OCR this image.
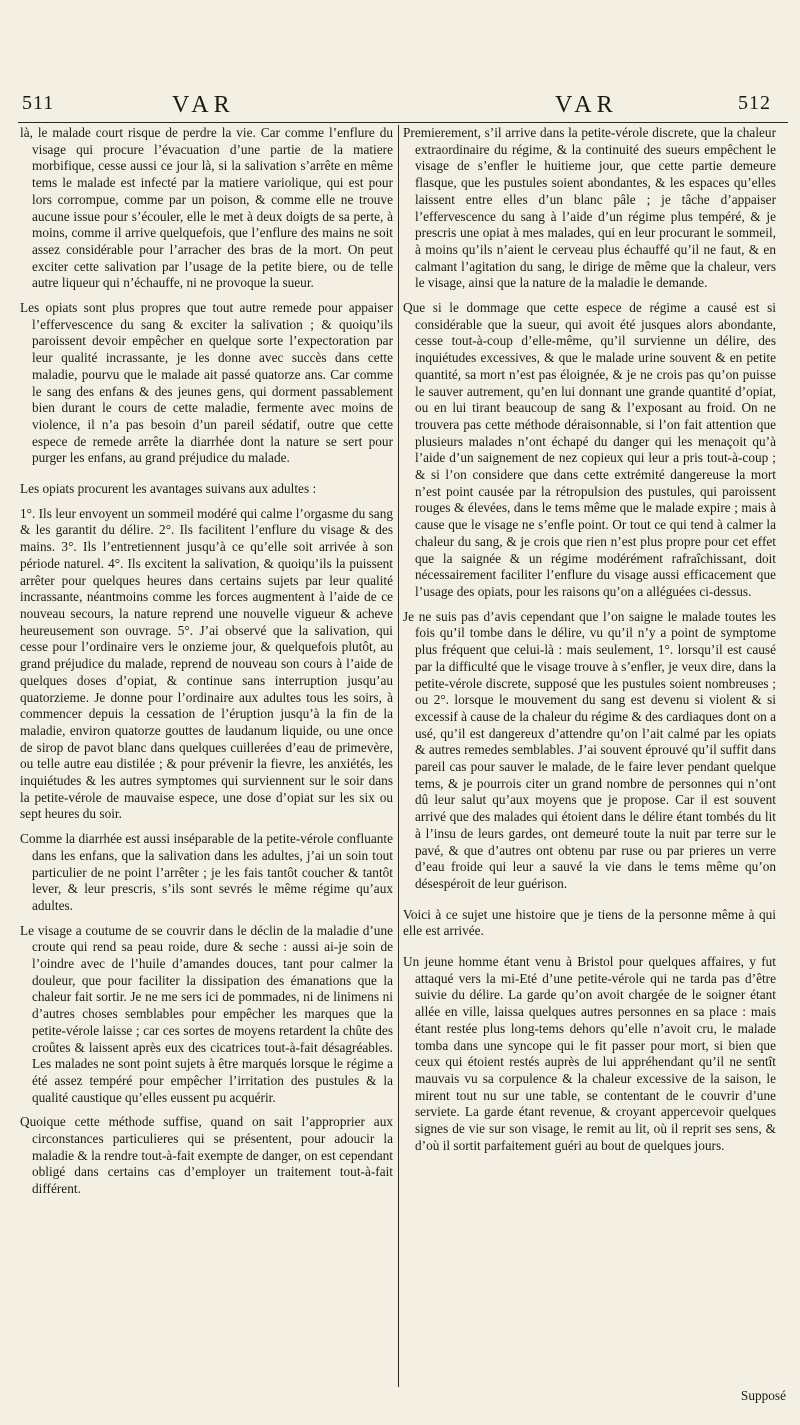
511	VAR	VAR	512

là, le malade court risque de perdre la vie. Car comme l’enflure du visage qui procure l’évacuation d’une partie de la matiere morbifique, cesse aussi ce jour là, si la salivation s’arrête en même tems le malade est infecté par la matiere variolique, qui est pour lors corrompue, comme par un poison, & comme elle ne trouve aucune issue pour s’écouler, elle le met à deux doigts de sa perte, à moins, comme il arrive quelquefois, que l’enflure des mains ne soit assez considérable pour l’arracher des bras de la mort. On peut exciter cette salivation par l’usage de la petite biere, ou de telle autre liqueur qui n’échauffe, ni ne provoque la sueur.

Les opiats sont plus propres que tout autre remede pour appaiser l’effervescence du sang & exciter la salivation ; & quoiqu’ils paroissent devoir empêcher en quelque sorte l’expectoration par leur qualité incrassante, je les donne avec succès dans cette maladie, pourvu que le malade ait passé quatorze ans. Car comme le sang des enfans & des jeunes gens, qui dorment passablement bien durant le cours de cette maladie, fermente avec moins de violence, il n’a pas besoin d’un pareil sédatif, outre que cette espece de remede arrête la diarrhée dont la nature se sert pour purger les enfans, au grand préjudice du malade.

Les opiats procurent les avantages suivans aux adultes :

1°. Ils leur envoyent un sommeil modéré qui calme l’orgasme du sang & les garantit du délire. 2°. Ils facilitent l’enflure du visage & des mains. 3°. Ils l’entretiennent jusqu’à ce qu’elle soit arrivée à son période naturel. 4°. Ils excitent la salivation, & quoiqu’ils la puissent arrêter pour quelques heures dans certains sujets par leur qualité incrassante, néantmoins comme les forces augmentent à l’aide de ce nouveau secours, la nature reprend une nouvelle vigueur & acheve heureusement son ouvrage. 5°. J’ai observé que la salivation, qui cesse pour l’ordinaire vers le onzieme jour, & quelquefois plutôt, au grand préjudice du malade, reprend de nouveau son cours à l’aide de quelques doses d’opiat, & continue sans interruption jusqu’au quatorzieme. Je donne pour l’ordinaire aux adultes tous les soirs, à commencer depuis la cessation de l’éruption jusqu’à la fin de la maladie, environ quatorze gouttes de laudanum liquide, ou une once de sirop de pavot blanc dans quelques cuillerées d’eau de primevère, ou telle autre eau distilée ; & pour prévenir la fievre, les anxiétés, les inquiétudes & les autres symptomes qui surviennent sur le soir dans la petite-vérole de mauvaise espece, une dose d’opiat sur les six ou sept heures du soir.

Comme la diarrhée est aussi inséparable de la petite-vérole confluante dans les enfans, que la salivation dans les adultes, j’ai un soin tout particulier de ne point l’arrêter ; je les fais tantôt coucher & tantôt lever, & leur prescris, s’ils sont sevrés le même régime qu’aux adultes.

Le visage a coutume de se couvrir dans le déclin de la maladie d’une croute qui rend sa peau roide, dure & seche : aussi ai-je soin de l’oindre avec de l’huile d’amandes douces, tant pour calmer la douleur, que pour faciliter la dissipation des émanations que la chaleur fait sortir. Je ne me sers ici de pommades, ni de linimens ni d’autres choses semblables pour empêcher les marques que la petite-vérole laisse ; car ces sortes de moyens retardent la chûte des croûtes & laissent après eux des cicatrices tout-à-fait désagréables. Les malades ne sont point sujets à être marqués lorsque le régime a été assez tempéré pour empêcher l’irritation des pustules & la qualité caustique qu’elles eussent pu acquérir.

Quoique cette méthode suffise, quand on sait l’approprier aux circonstances particulieres qui se présentent, pour adoucir la maladie & la rendre tout-à-fait exempte de danger, on est cependant obligé dans certains cas d’employer un traitement tout-à-fait différent.

Premierement, s’il arrive dans la petite-vérole discrete, que la chaleur extraordinaire du régime, & la continuité des sueurs empêchent le visage de s’enfler le huitieme jour, que cette partie demeure flasque, que les pustules soient abondantes, & les espaces qu’elles laissent entre elles d’un blanc pâle ; je tâche d’appaiser l’effervescence du sang à l’aide d’un régime plus tempéré, & je prescris une opiat à mes malades, qui en leur procurant le sommeil, à moins qu’ils n’aient le cerveau plus échauffé qu’il ne faut, & en calmant l’agitation du sang, le dirige de même que la chaleur, vers le visage, ainsi que la nature de la maladie le demande.

Que si le dommage que cette espece de régime a causé est si considérable que la sueur, qui avoit été jusques alors abondante, cesse tout-à-coup d’elle-même, qu’il survienne un délire, des inquiétudes excessives, & que le malade urine souvent & en petite quantité, sa mort n’est pas éloignée, & je ne crois pas qu’on puisse le sauver autrement, qu’en lui donnant une grande quantité d’opiat, ou en lui tirant beaucoup de sang & l’exposant au froid. On ne trouvera pas cette méthode déraisonnable, si l’on fait attention que plusieurs malades n’ont échapé du danger qui les menaçoit qu’à l’aide d’un saignement de nez copieux qui leur a pris tout-à-coup ; & si l’on considere que dans cette extrémité dangereuse la mort n’est point causée par la rétropulsion des pustules, qui paroissent rouges & élevées, dans le tems même que le malade expire ; mais à cause que le visage ne s’enfle point. Or tout ce qui tend à calmer la chaleur du sang, & je crois que rien n’est plus propre pour cet effet que la saignée & un régime modérément rafraîchissant, doit nécessairement faciliter l’enflure du visage aussi efficacement que l’usage des opiats, pour les raisons qu’on a alléguées ci-dessus.

Je ne suis pas d’avis cependant que l’on saigne le malade toutes les fois qu’il tombe dans le délire, vu qu’il n’y a point de symptome plus fréquent que celui-là : mais seulement, 1°. lorsqu’il est causé par la difficulté que le visage trouve à s’enfler, je veux dire, dans la petite-vérole discrete, supposé que les pustules soient nombreuses ; ou 2°. lorsque le mouvement du sang est devenu si violent & si excessif à cause de la chaleur du régime & des cardiaques dont on a usé, qu’il est dangereux d’attendre qu’on l’ait calmé par les opiats & autres remedes semblables. J’ai souvent éprouvé qu’il suffit dans pareil cas pour sauver le malade, de le faire lever pendant quelque tems, & je pourrois citer un grand nombre de personnes qui n’ont dû leur salut qu’aux moyens que je propose. Car il est souvent arrivé que des malades qui étoient dans le délire étant tombés du lit à l’insu de leurs gardes, ont demeuré toute la nuit par terre sur le pavé, & que d’autres ont obtenu par ruse ou par prieres un verre d’eau froide qui leur a sauvé la vie dans le tems même qu’on désespéroit de leur guérison.

Voici à ce sujet une histoire que je tiens de la personne même à qui elle est arrivée.

Un jeune homme étant venu à Bristol pour quelques affaires, y fut attaqué vers la mi-Eté d’une petite-vérole qui ne tarda pas d’être suivie du délire. La garde qu’on avoit chargée de le soigner étant allée en ville, laissa quelques autres personnes en sa place : mais étant restée plus long-tems dehors qu’elle n’avoit cru, le malade tomba dans une syncope qui le fit passer pour mort, si bien que ceux qui étoient restés auprès de lui appréhendant qu’il ne sentît mauvais vu sa corpulence & la chaleur excessive de la saison, le mirent tout nu sur une table, se contentant de le couvrir d’une serviete. La garde étant revenue, & croyant appercevoir quelques signes de vie sur son visage, le remit au lit, où il reprit ses sens, & d’où il sortit parfaitement guéri au bout de quelques jours.

Supposé
